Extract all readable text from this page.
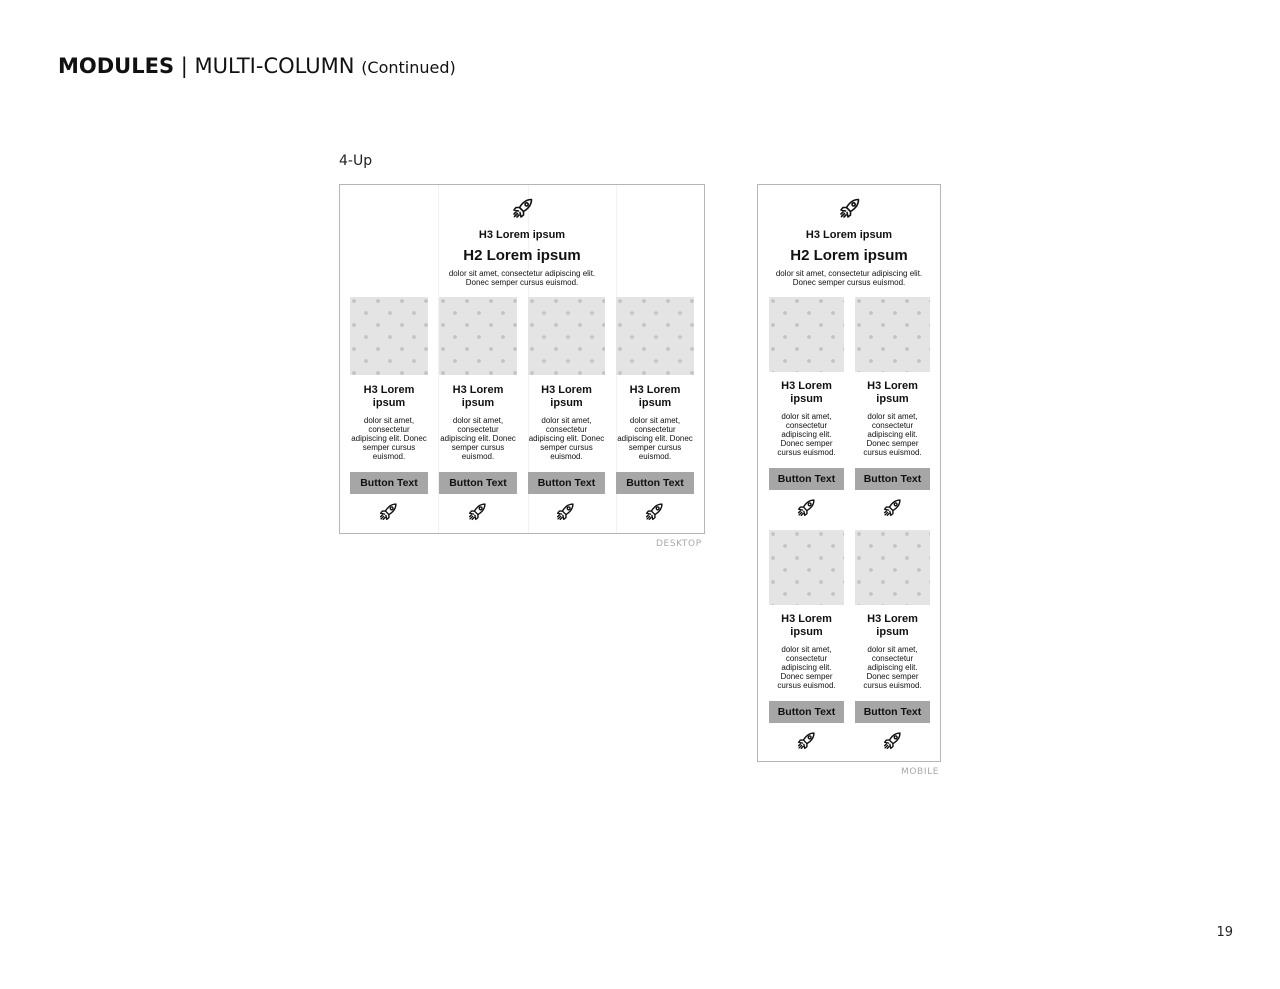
MODULES | MULTI-COLUMN (Continued)
4-Up
H3 Lorem ipsum
H2 Lorem ipsum
dolor sit amet, consectetur adipiscing elit.
Donec semper cursus euismod.
H3 Lorem
ipsum
dolor sit amet,
consectetur
adipiscing elit. Donec
semper cursus
euismod.
Button Text
H3 Lorem
ipsum
dolor sit amet,
consectetur
adipiscing elit. Donec
semper cursus
euismod.
Button Text
H3 Lorem
ipsum
dolor sit amet,
consectetur
adipiscing elit. Donec
semper cursus
euismod.
Button Text
H3 Lorem
ipsum
dolor sit amet,
consectetur
adipiscing elit. Donec
semper cursus
euismod.
Button Text
DESKTOP
H3 Lorem ipsum
H2 Lorem ipsum
dolor sit amet, consectetur adipiscing elit.
Donec semper cursus euismod.
H3 Lorem
ipsum
dolor sit amet,
consectetur
adipiscing elit.
Donec semper
cursus euismod.
Button Text
H3 Lorem
ipsum
dolor sit amet,
consectetur
adipiscing elit.
Donec semper
cursus euismod.
Button Text
H3 Lorem
ipsum
dolor sit amet,
consectetur
adipiscing elit.
Donec semper
cursus euismod.
Button Text
H3 Lorem
ipsum
dolor sit amet,
consectetur
adipiscing elit.
Donec semper
cursus euismod.
Button Text
MOBILE
19
